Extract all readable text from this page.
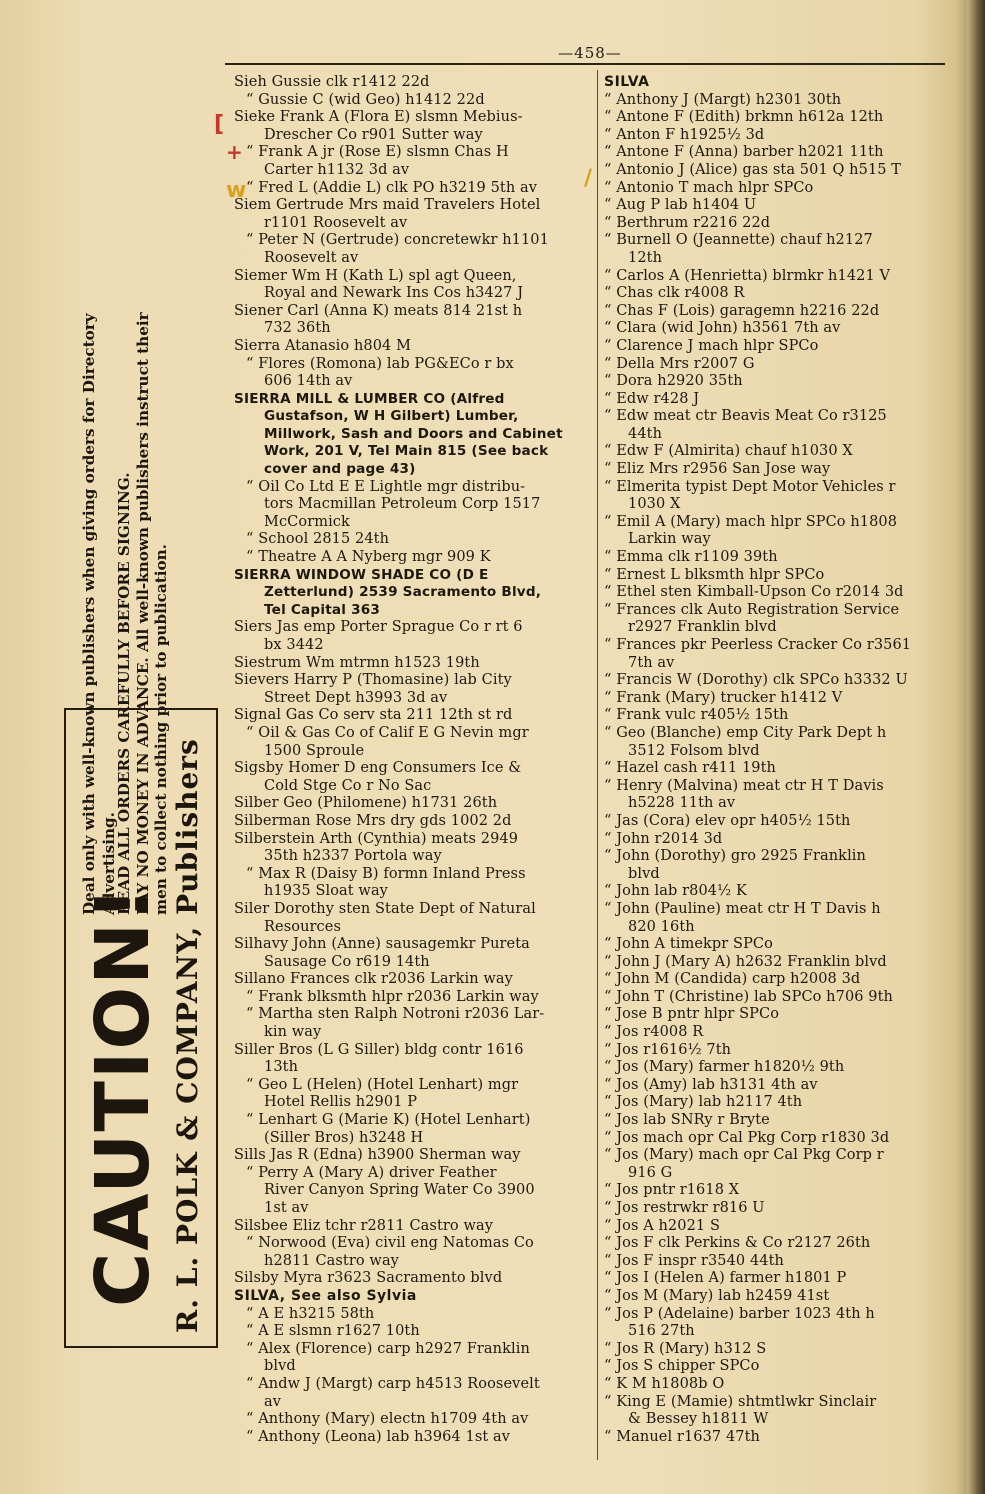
—458—
CAUTION!
Deal only with well-known publishers when giving orders for Directory Advertising.
READ ALL ORDERS CAREFULLY BEFORE SIGNING. PAY NO MONEY IN ADVANCE. All well-known publishers instruct their men to collect nothing prior to publication.
R. L. POLK & COMPANY, Publishers
Sieh Gussie clk r1412 22d
“ Gussie C (wid Geo) h1412 22d
Sieke Frank A (Flora E) slsmn Mebius-
Drescher Co r901 Sutter way
“ Frank A jr (Rose E) slsmn Chas H
Carter h1132 3d av
“ Fred L (Addie L) clk PO h3219 5th av
Siem Gertrude Mrs maid Travelers Hotel
r1101 Roosevelt av
“ Peter N (Gertrude) concretewkr h1101
Roosevelt av
Siemer Wm H (Kath L) spl agt Queen,
Royal and Newark Ins Cos h3427 J
Siener Carl (Anna K) meats 814 21st h
732 36th
Sierra Atanasio h804 M
“ Flores (Romona) lab PG&ECo r bx
606 14th av
SIERRA MILL & LUMBER CO (Alfred
Gustafson, W H Gilbert) Lumber,
Millwork, Sash and Doors and Cabinet
Work, 201 V, Tel Main 815 (See back
cover and page 43)
“ Oil Co Ltd E E Lightle mgr distribu-
tors Macmillan Petroleum Corp 1517
McCormick
“ School 2815 24th
“ Theatre A A Nyberg mgr 909 K
SIERRA WINDOW SHADE CO (D E
Zetterlund) 2539 Sacramento Blvd,
Tel Capital 363
Siers Jas emp Porter Sprague Co r rt 6
bx 3442
Siestrum Wm mtrmn h1523 19th
Sievers Harry P (Thomasine) lab City
Street Dept h3993 3d av
Signal Gas Co serv sta 211 12th st rd
“ Oil & Gas Co of Calif E G Nevin mgr
1500 Sproule
Sigsby Homer D eng Consumers Ice &
Cold Stge Co r No Sac
Silber Geo (Philomene) h1731 26th
Silberman Rose Mrs dry gds 1002 2d
Silberstein Arth (Cynthia) meats 2949
35th h2337 Portola way
“ Max R (Daisy B) formn Inland Press
h1935 Sloat way
Siler Dorothy sten State Dept of Natural
Resources
Silhavy John (Anne) sausagemkr Pureta
Sausage Co r619 14th
Sillano Frances clk r2036 Larkin way
“ Frank blksmth hlpr r2036 Larkin way
“ Martha sten Ralph Notroni r2036 Lar-
kin way
Siller Bros (L G Siller) bldg contr 1616
13th
“ Geo L (Helen) (Hotel Lenhart) mgr
Hotel Rellis h2901 P
“ Lenhart G (Marie K) (Hotel Lenhart)
(Siller Bros) h3248 H
Sills Jas R (Edna) h3900 Sherman way
“ Perry A (Mary A) driver Feather
River Canyon Spring Water Co 3900
1st av
Silsbee Eliz tchr r2811 Castro way
“ Norwood (Eva) civil eng Natomas Co
h2811 Castro way
Silsby Myra r3623 Sacramento blvd
SILVA, See also Sylvia
“ A E h3215 58th
“ A E slsmn r1627 10th
“ Alex (Florence) carp h2927 Franklin
blvd
“ Andw J (Margt) carp h4513 Roosevelt
av
“ Anthony (Mary) electn h1709 4th av
“ Anthony (Leona) lab h3964 1st av
SILVA
“ Anthony J (Margt) h2301 30th
“ Antone F (Edith) brkmn h612a 12th
“ Anton F h1925½ 3d
“ Antone F (Anna) barber h2021 11th
“ Antonio J (Alice) gas sta 501 Q h515 T
“ Antonio T mach hlpr SPCo
“ Aug P lab h1404 U
“ Berthrum r2216 22d
“ Burnell O (Jeannette) chauf h2127
12th
“ Carlos A (Henrietta) blrmkr h1421 V
“ Chas clk r4008 R
“ Chas F (Lois) garagemn h2216 22d
“ Clara (wid John) h3561 7th av
“ Clarence J mach hlpr SPCo
“ Della Mrs r2007 G
“ Dora h2920 35th
“ Edw r428 J
“ Edw meat ctr Beavis Meat Co r3125
44th
“ Edw F (Almirita) chauf h1030 X
“ Eliz Mrs r2956 San Jose way
“ Elmerita typist Dept Motor Vehicles r
1030 X
“ Emil A (Mary) mach hlpr SPCo h1808
Larkin way
“ Emma clk r1109 39th
“ Ernest L blksmth hlpr SPCo
“ Ethel sten Kimball-Upson Co r2014 3d
“ Frances clk Auto Registration Service
r2927 Franklin blvd
“ Frances pkr Peerless Cracker Co r3561
7th av
“ Francis W (Dorothy) clk SPCo h3332 U
“ Frank (Mary) trucker h1412 V
“ Frank vulc r405½ 15th
“ Geo (Blanche) emp City Park Dept h
3512 Folsom blvd
“ Hazel cash r411 19th
“ Henry (Malvina) meat ctr H T Davis
h5228 11th av
“ Jas (Cora) elev opr h405½ 15th
“ John r2014 3d
“ John (Dorothy) gro 2925 Franklin
blvd
“ John lab r804½ K
“ John (Pauline) meat ctr H T Davis h
820 16th
“ John A timekpr SPCo
“ John J (Mary A) h2632 Franklin blvd
“ John M (Candida) carp h2008 3d
“ John T (Christine) lab SPCo h706 9th
“ Jose B pntr hlpr SPCo
“ Jos r4008 R
“ Jos r1616½ 7th
“ Jos (Mary) farmer h1820½ 9th
“ Jos (Amy) lab h3131 4th av
“ Jos (Mary) lab h2117 4th
“ Jos lab SNRy r Bryte
“ Jos mach opr Cal Pkg Corp r1830 3d
“ Jos (Mary) mach opr Cal Pkg Corp r
916 G
“ Jos pntr r1618 X
“ Jos restrwkr r816 U
“ Jos A h2021 S
“ Jos F clk Perkins & Co r2127 26th
“ Jos F inspr r3540 44th
“ Jos I (Helen A) farmer h1801 P
“ Jos M (Mary) lab h2459 41st
“ Jos P (Adelaine) barber 1023 4th h
516 27th
“ Jos R (Mary) h312 S
“ Jos S chipper SPCo
“ K M h1808b O
“ King E (Mamie) shtmtlwkr Sinclair
& Bessey h1811 W
“ Manuel r1637 47th
[
+
w	/
